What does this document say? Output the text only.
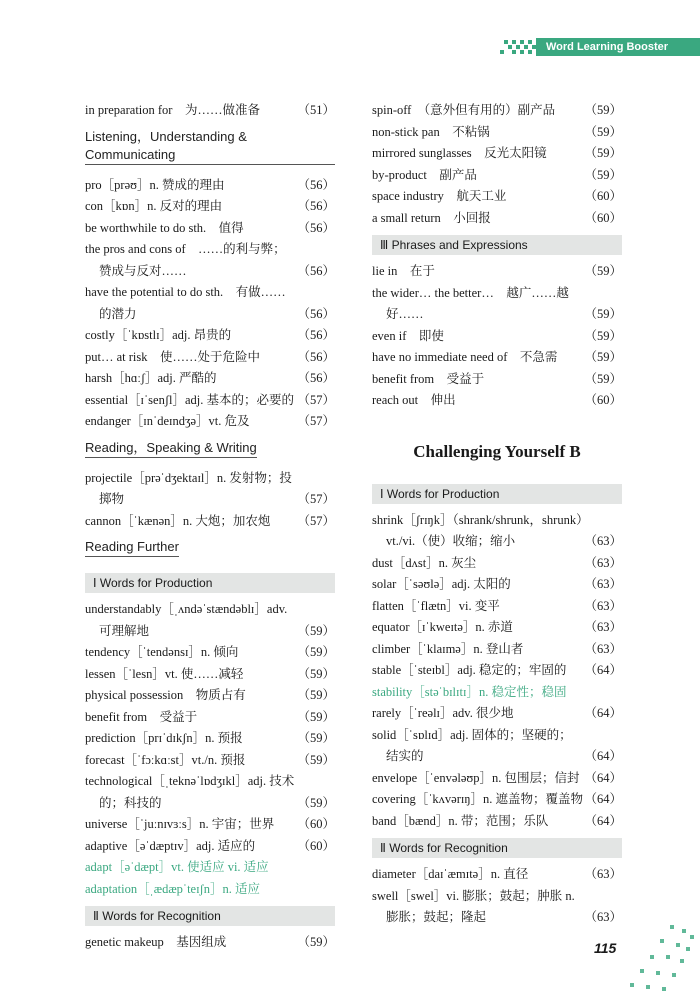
Word Learning Booster
in preparation for　为……做准备	（51）
Listening，Understanding & Communicating
pro［prəʊ］n. 赞成的理由	（56）
con［kɒn］n. 反对的理由	（56）
be worthwhile to do sth.　值得	（56）
the pros and cons of　……的利与弊；赞成与反对……	（56）
have the potential to do sth.　有做……的潜力	（56）
costly［ˈkɒstlɪ］adj. 昂贵的	（56）
put… at risk　使……处于危险中	（56）
harsh［hɑːʃ］adj. 严酷的	（56）
essential［ɪˈsenʃl］adj. 基本的；必要的 （57）
endanger［ɪnˈdeɪndʒə］vt. 危及	（57）
Reading，Speaking & Writing
projectile［prəˈdʒektaɪl］n. 发射物；投掷物	（57）
cannon［ˈkænən］n. 大炮；加农炮	（57）
Reading Further
Ⅰ Words for Production
understandably［ˌʌndəˈstændəblɪ］adv. 可理解地	（59）
tendency［ˈtendənsɪ］n. 倾向	（59）
lessen［ˈlesn］vt. 使……减轻	（59）
physical possession　物质占有	（59）
benefit from　受益于	（59）
prediction［prɪˈdɪkʃn］n. 预报	（59）
forecast［ˈfɔːkɑːst］vt./n. 预报	（59）
technological［ˌteknəˈlɒdʒɪkl］adj. 技术的；科技的	（59）
universe［ˈjuːnɪvɜːs］n. 宇宙；世界	（60）
adaptive［əˈdæptɪv］adj. 适应的	（60）
adapt［əˈdæpt］vt. 使适应 vi. 适应
adaptation［ˌædæpˈteɪʃn］n. 适应
Ⅱ Words for Recognition
genetic makeup　基因组成	（59）
spin-off　（意外但有用的）副产品	（59）
non-stick pan　不粘锅	（59）
mirrored sunglasses　反光太阳镜	（59）
by-product　副产品	（59）
space industry　航天工业	（60）
a small return　小回报	（60）
Ⅲ Phrases and Expressions
lie in　在于	（59）
the wider… the better…　越广……越好……	（59）
even if　即使	（59）
have no immediate need of　不急需	（59）
benefit from　受益于	（59）
reach out　伸出	（60）
Challenging Yourself B
Ⅰ Words for Production
shrink［ʃrɪŋk］（shrank/shrunk，shrunk）vt./vi.（使）收缩；缩小	（63）
dust［dʌst］n. 灰尘	（63）
solar［ˈsəʊlə］adj. 太阳的	（63）
flatten［ˈflætn］vi. 变平	（63）
equator［ɪˈkweɪtə］n. 赤道	（63）
climber［ˈklaɪmə］n. 登山者	（63）
stable［ˈsteɪbl］adj. 稳定的；牢固的	（64）
stability［stəˈbɪlɪtɪ］n. 稳定性；稳固
rarely［ˈreəlɪ］adv. 很少地	（64）
solid［ˈsɒlɪd］adj. 固体的；坚硬的；结实的	（64）
envelope［ˈenvələʊp］n. 包围层；信封 （64）
covering［ˈkʌvərɪŋ］n. 遮盖物；覆盖物 （64）
band［bænd］n. 带；范围；乐队	（64）
Ⅱ Words for Recognition
diameter［daɪˈæmɪtə］n. 直径	（63）
swell［swel］vi. 膨胀；鼓起；肿胀 n. 膨胀；鼓起；隆起	（63）
115
